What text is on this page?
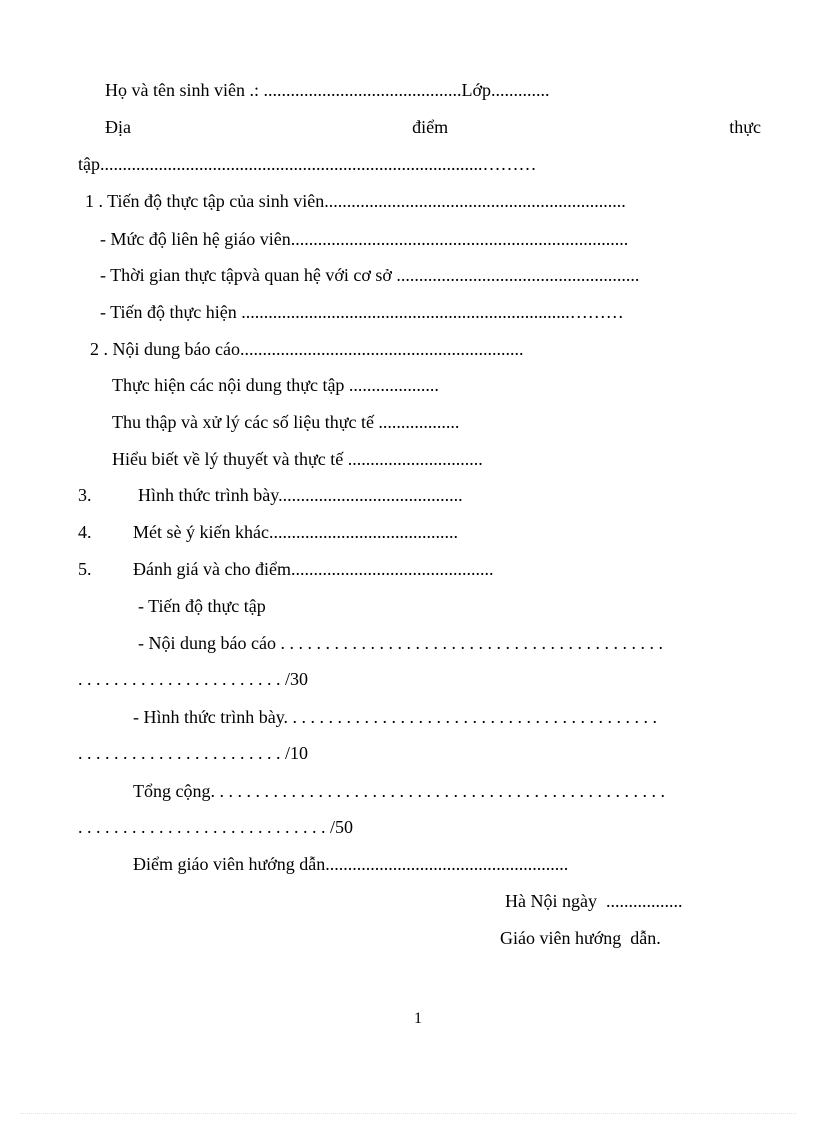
Họ và tên sinh viên .: ............................................Lớp.............
Địa	điểm	thực
tập.....................................................................................………
1 . Tiến độ thực tập của sinh viên...................................................................
- Mức độ liên hệ giáo viên...........................................................................
- Thời gian thực tậpvà quan hệ với cơ sở ......................................................
- Tiến độ thực hiện .........................................................................………
2 . Nội dung báo cáo...............................................................
Thực hiện các nội dung thực tập ....................
Thu thập và xử lý các số liệu thực tế ..................
Hiểu biết về lý thuyết và thực tế ..............................
3.	Hình thức trình bày.........................................
4. Mét sè ý kiến khác..........................................
5. Đánh giá và cho điểm.............................................
- Tiến độ thực tập
- Nội dung báo cáo . . . . . . . . . . . . . . . . . . . . . . . . . . . . . . . . . . . . . . . . . . .
. . . . . . . . . . . . . . . . . . . . . . . /30
- Hình thức trình bày. . . . . . . . . . . . . . . . . . . . . . . . . . . . . . . . . . . . . . . . . .
. . . . . . . . . . . . . . . . . . . . . . . /10
Tổng cộng. . . . . . . . . . . . . . . . . . . . . . . . . . . . . . . . . . . . . . . . . . . . . . . . . . .
. . . . . . . . . . . . . . . . . . . . . . . . . . . . /50
Điểm giáo viên hướng dẫn......................................................
Hà Nội ngày  .................
Giáo viên hướng  dẫn.
1
